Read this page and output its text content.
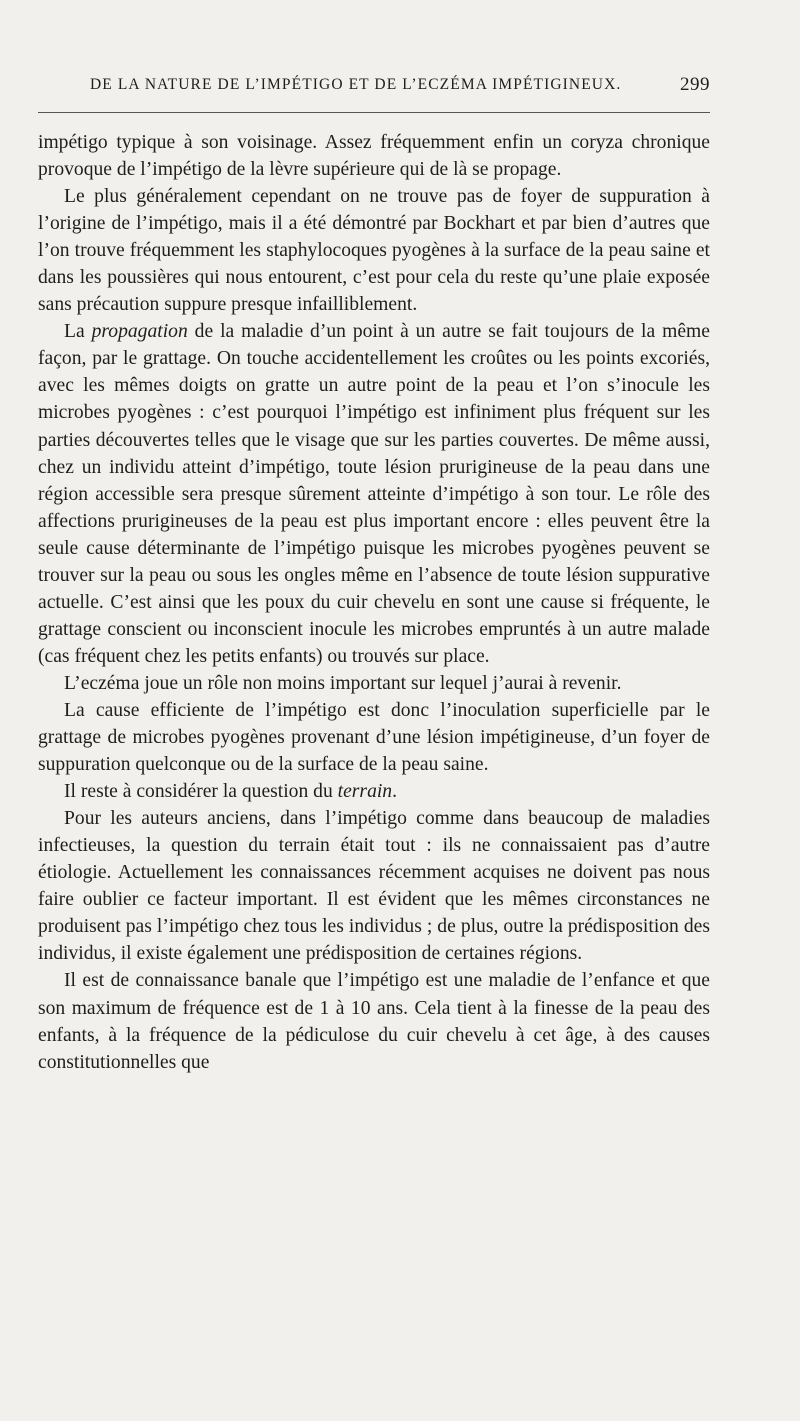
DE LA NATURE DE L’IMPÉTIGO ET DE L’ECZÉMA IMPÉTIGINEUX.	299

impétigo typique à son voisinage. Assez fréquemment enfin un coryza chronique provoque de l’impétigo de la lèvre supérieure qui de là se propage.

Le plus généralement cependant on ne trouve pas de foyer de suppuration à l’origine de l’impétigo, mais il a été démontré par Bockhart et par bien d’autres que l’on trouve fréquemment les staphylocoques pyogènes à la surface de la peau saine et dans les poussières qui nous entourent, c’est pour cela du reste qu’une plaie exposée sans précaution suppure presque infailliblement.

La propagation de la maladie d’un point à un autre se fait toujours de la même façon, par le grattage. On touche accidentellement les croûtes ou les points excoriés, avec les mêmes doigts on gratte un autre point de la peau et l’on s’inocule les microbes pyogènes : c’est pourquoi l’impétigo est infiniment plus fréquent sur les parties découvertes telles que le visage que sur les parties couvertes. De même aussi, chez un individu atteint d’impétigo, toute lésion prurigineuse de la peau dans une région accessible sera presque sûrement atteinte d’impétigo à son tour. Le rôle des affections prurigineuses de la peau est plus important encore : elles peuvent être la seule cause déterminante de l’impétigo puisque les microbes pyogènes peuvent se trouver sur la peau ou sous les ongles même en l’absence de toute lésion suppurative actuelle. C’est ainsi que les poux du cuir chevelu en sont une cause si fréquente, le grattage conscient ou inconscient inocule les microbes empruntés à un autre malade (cas fréquent chez les petits enfants) ou trouvés sur place.

L’eczéma joue un rôle non moins important sur lequel j’aurai à revenir.

La cause efficiente de l’impétigo est donc l’inoculation superficielle par le grattage de microbes pyogènes provenant d’une lésion impétigineuse, d’un foyer de suppuration quelconque ou de la surface de la peau saine.

Il reste à considérer la question du terrain.

Pour les auteurs anciens, dans l’impétigo comme dans beaucoup de maladies infectieuses, la question du terrain était tout : ils ne connaissaient pas d’autre étiologie. Actuellement les connaissances récemment acquises ne doivent pas nous faire oublier ce facteur important. Il est évident que les mêmes circonstances ne produisent pas l’impétigo chez tous les individus ; de plus, outre la prédisposition des individus, il existe également une prédisposition de certaines régions.

Il est de connaissance banale que l’impétigo est une maladie de l’enfance et que son maximum de fréquence est de 1 à 10 ans. Cela tient à la finesse de la peau des enfants, à la fréquence de la pédiculose du cuir chevelu à cet âge, à des causes constitutionnelles que
